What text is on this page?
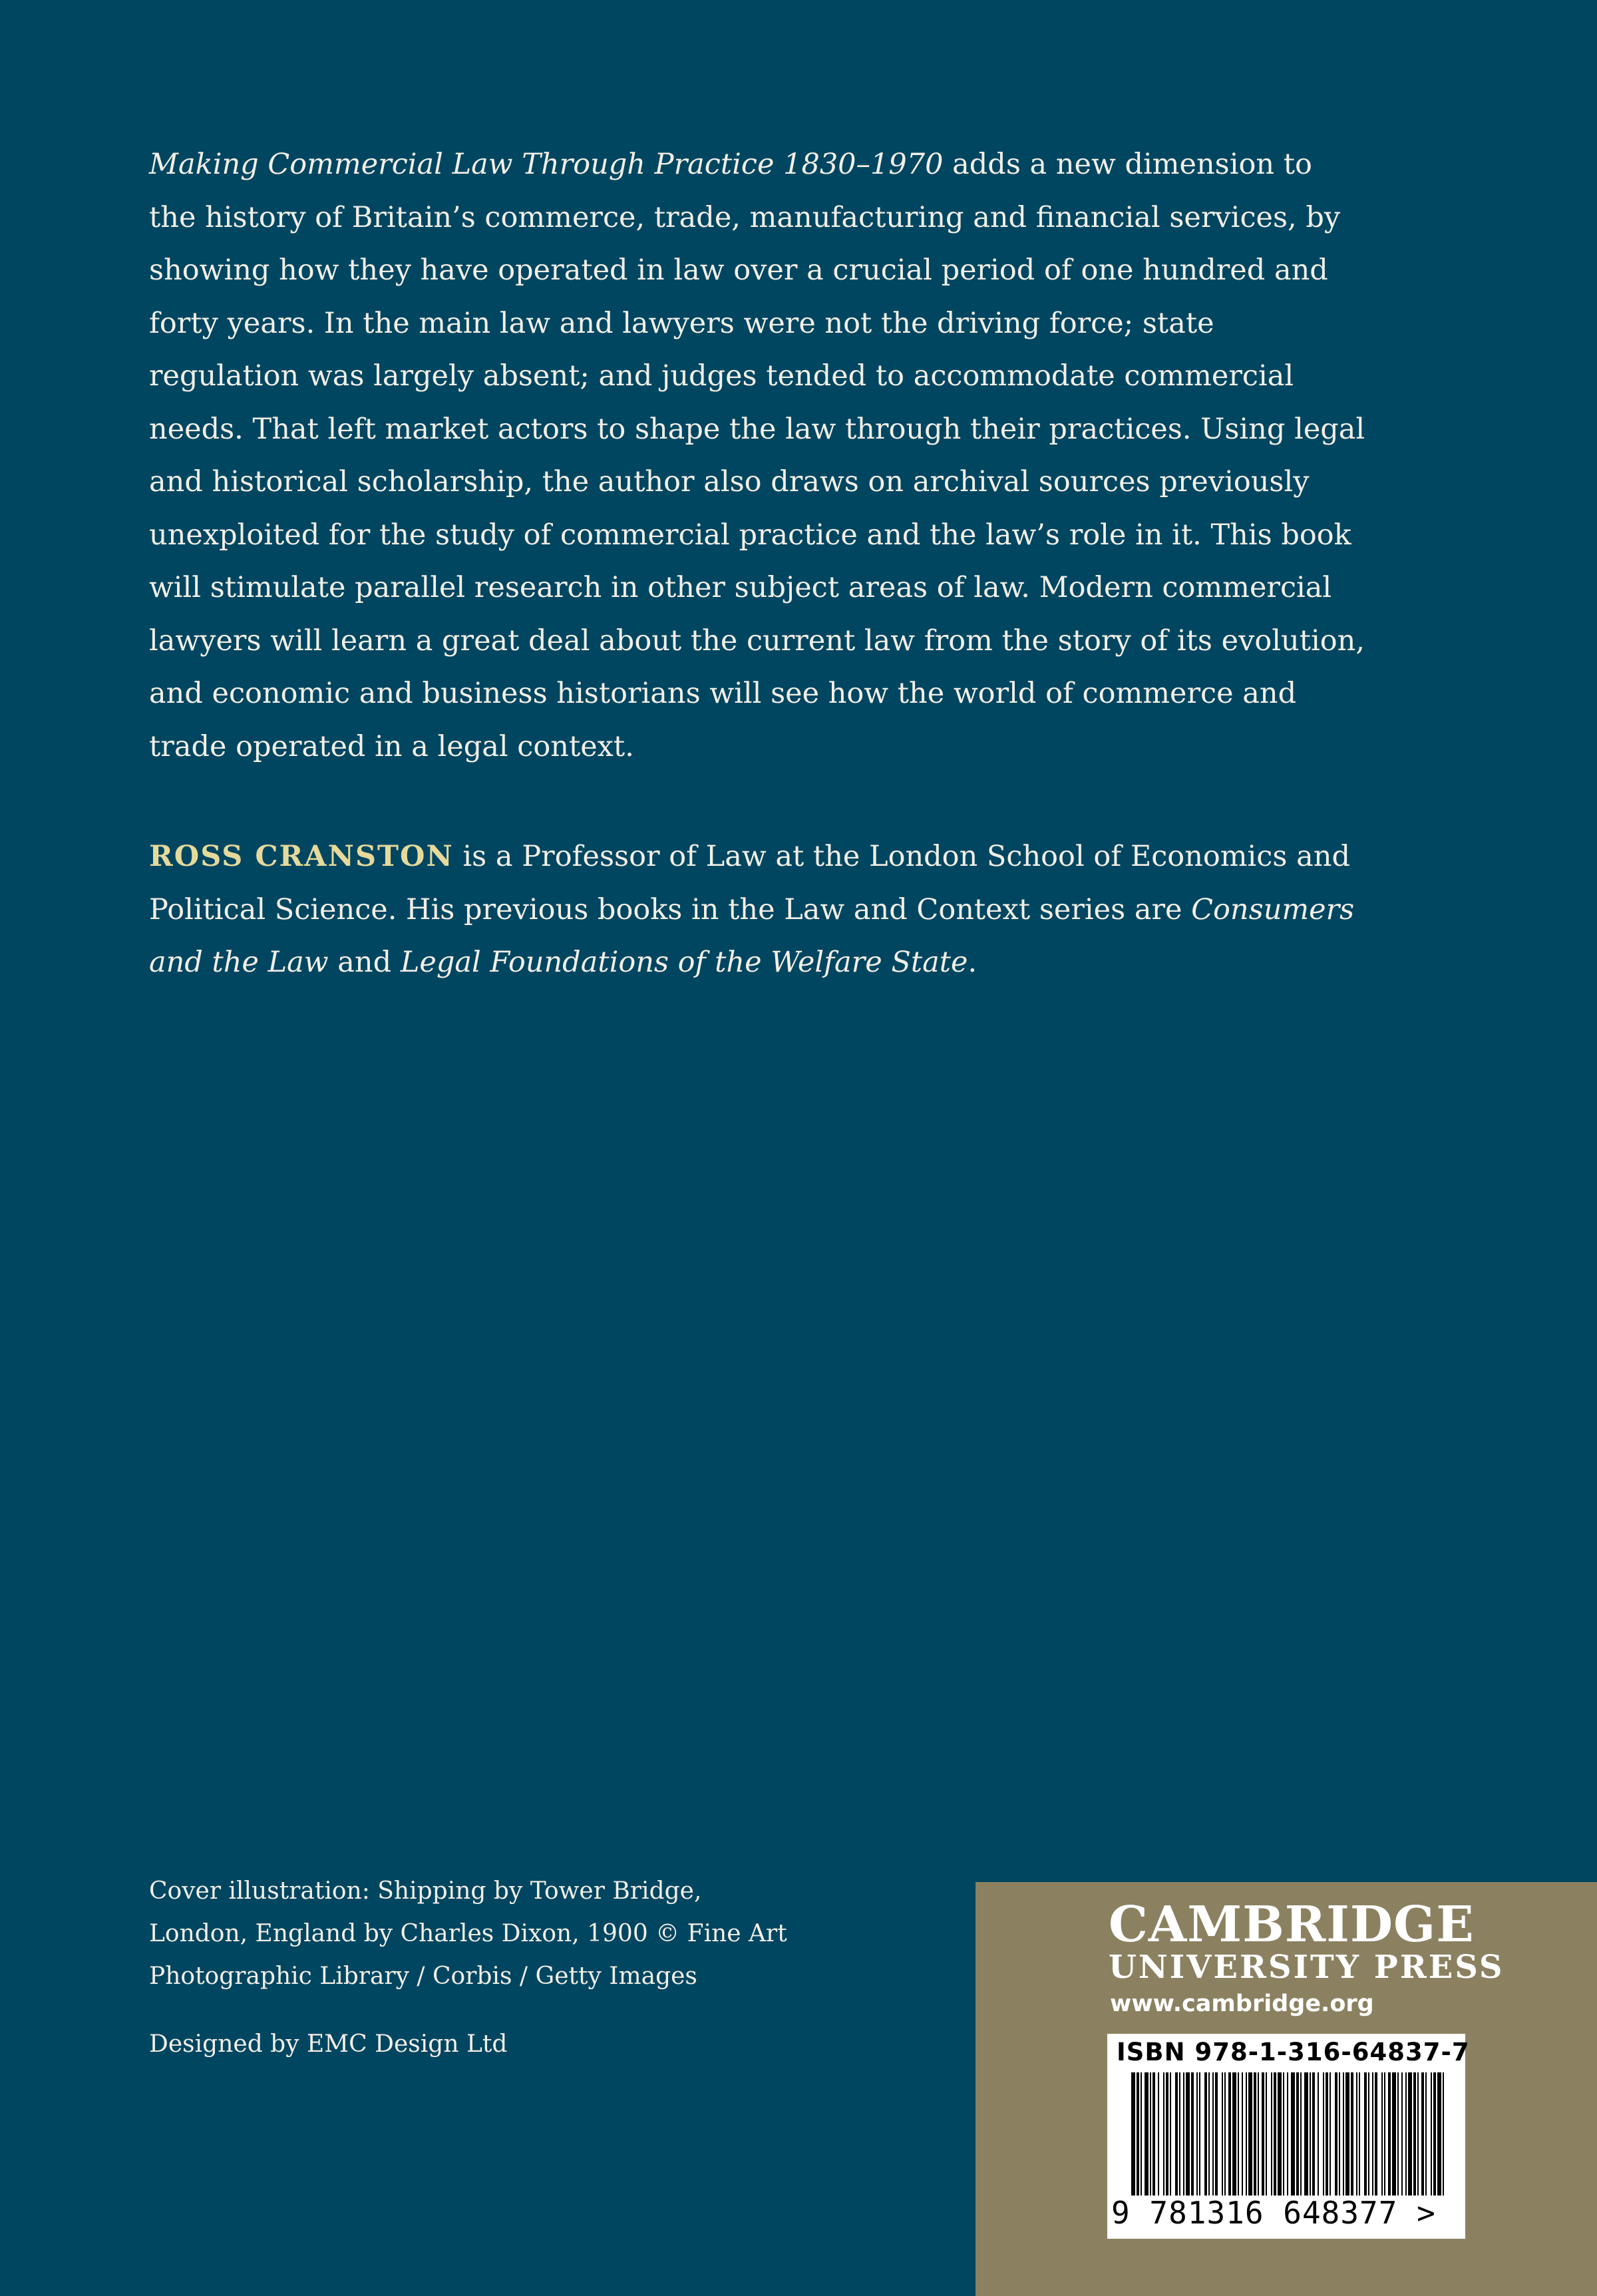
Making Commercial Law Through Practice 1830–1970 adds a new dimension to the history of Britain’s commerce, trade, manufacturing and financial services, by showing how they have operated in law over a crucial period of one hundred and forty years. In the main law and lawyers were not the driving force; state regulation was largely absent; and judges tended to accommodate commercial needs. That left market actors to shape the law through their practices. Using legal and historical scholarship, the author also draws on archival sources previously unexploited for the study of commercial practice and the law’s role in it. This book will stimulate parallel research in other subject areas of law. Modern commercial lawyers will learn a great deal about the current law from the story of its evolution, and economic and business historians will see how the world of commerce and trade operated in a legal context.

ROSS CRANSTON is a Professor of Law at the London School of Economics and Political Science. His previous books in the Law and Context series are Consumers and the Law and Legal Foundations of the Welfare State.

Cover illustration: Shipping by Tower Bridge, London, England by Charles Dixon, 1900 © Fine Art Photographic Library / Corbis / Getty Images

Designed by EMC Design Ltd

CAMBRIDGE
UNIVERSITY PRESS
www.cambridge.org
ISBN 978-1-316-64837-7
9 781316 648377 >
